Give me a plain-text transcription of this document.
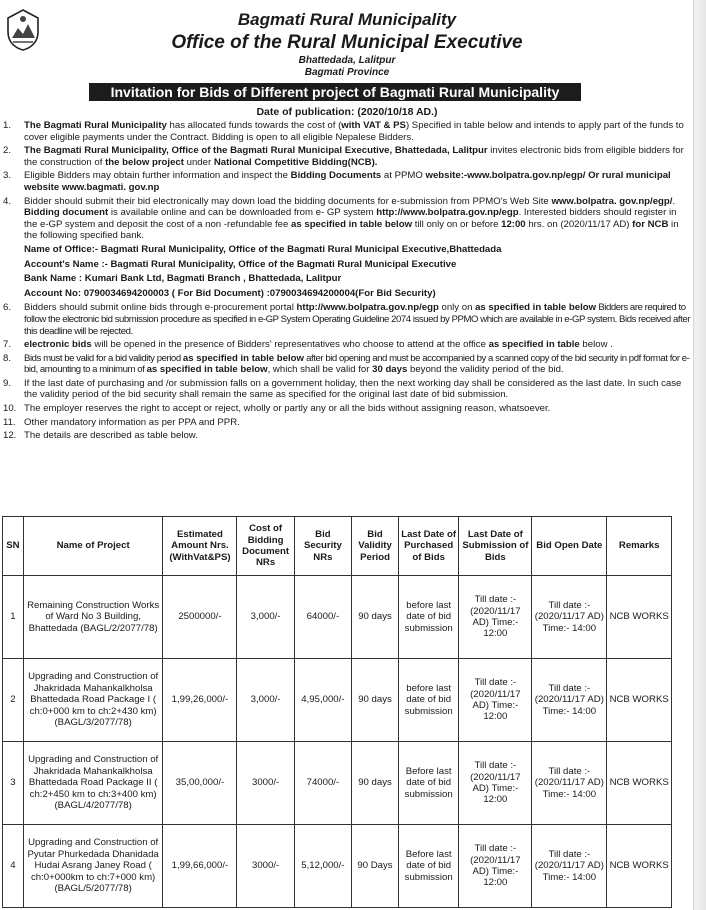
Bagmati Rural Municipality
Office of the Rural Municipal Executive
Bhattedada, Lalitpur
Bagmati Province
Invitation for Bids of Different project of Bagmati Rural Municipality
Date of publication: (2020/10/18 AD.)
1. The Bagmati Rural Municipality has allocated funds towards the cost of (with VAT & PS) Specified in table below and intends to apply part of the funds to cover eligible payments under the Contract. Bidding is open to all eligible Nepalese Bidders.
2. The Bagmati Rural Municipality, Office of the Bagmati Rural Municipal Executive, Bhattedada, Lalitpur invites electronic bids from eligible bidders for the construction of the below project under National Competitive Bidding(NCB).
3. Eligible Bidders may obtain further information and inspect the Bidding Documents at PPMO website:-www.bolpatra.gov.np/egp/ Or rural municipal website www.bagmati. gov.np
4. Bidder should submit their bid electronically may down load the bidding documents for e-submission from PPMO's Web Site www.bolpatra. gov.np/egp/. Bidding document is available online and can be downloaded from e- GP system http://www.bolpatra.gov.np/egp. Interested bidders should register in the e-GP system and deposit the cost of a non -refundable fee as specified in table below till only on or before 12:00 hrs. on (2020/11/17 AD) for NCB in the following specified bank.
Name of Office:- Bagmati Rural Municipality, Office of the Bagmati Rural Municipal Executive,Bhattedada
Account's Name :- Bagmati Rural Municipality, Office of the Bagmati Rural Municipal Executive
Bank Name : Kumari Bank Ltd, Bagmati Branch , Bhattedada, Lalitpur
Account No: 0790034694200003 ( For Bid Document) :0790034694200004(For Bid Security)
6. Bidders should submit online bids through e-procurement portal http://www.bolpatra.gov.np/egp only on as specified in table below Bidders are required to follow the electronic bid submission procedure as specified in e-GP System Operating Guideline 2074 issued by PPMO which are available in e-GP system. Bids received after this deadline will be rejected.
7. electronic bids will be opened in the presence of Bidders' representatives who choose to attend at the office as specified in table below .
8. Bids must be valid for a bid validity period as specified in table below after bid opening and must be accompanied by a scanned copy of the bid security in pdf format for e-bid, amounting to a minimum of as specified in table below, which shall be valid for 30 days beyond the validity period of the bid.
9. If the last date of purchasing and /or submission falls on a government holiday, then the next working day shall be considered as the last date. In such case the validity period of the bid security shall remain the same as specified for the original last date of bid submission.
10. The employer reserves the right to accept or reject, wholly or partly any or all the bids without assigning reason, whatsoever.
11. Other mandatory information as per PPA and PPR.
12. The details are described as table below.
SN	Name of Project	Estimated Amount Nrs. (WithVat&PS)	Cost of Bidding Document NRs	Bid Security NRs	Bid Validity Period	Last Date of Purchased of Bids	Last Date of Submission of Bids	Bid Open Date	Remarks
1	Remaining Construction Works of Ward No 3 Building, Bhattedada (BAGL/2/2077/78)	2500000/-	3,000/-	64000/-	90 days	before last date of bid submission	Till date :- (2020/11/17 AD) Time:- 12:00	Till date :- (2020/11/17 AD) Time:- 14:00	NCB WORKS
2	Upgrading and Construction of Jhakridada Mahankalkholsa Bhattedada Road Package I ( ch:0+000 km to ch:2+430 km) (BAGL/3/2077/78)	1,99,26,000/-	3,000/-	4,95,000/-	90 days	before last date of bid submission	Till date :- (2020/11/17 AD) Time:- 12:00	Till date :- (2020/11/17 AD) Time:- 14:00	NCB WORKS
3	Upgrading and Construction of Jhakridada Mahankalkholsa Bhattedada Road Package II ( ch:2+450 km to ch:3+400 km) (BAGL/4/2077/78)	35,00,000/-	3000/-	74000/-	90 days	Before last date of bid submission	Till date :- (2020/11/17 AD) Time:- 12:00	Till date :- (2020/11/17 AD) Time:- 14:00	NCB WORKS
4	Upgrading and Construction of Pyutar Phurkedada Dhanidada Hudai Asrang Janey Road ( ch:0+000km to ch:7+000 km) (BAGL/5/2077/78)	1,99,66,000/-	3000/-	5,12,000/-	90 Days	Before last date of bid submission	Till date :- (2020/11/17 AD) Time:- 12:00	Till date :- (2020/11/17 AD) Time:- 14:00	NCB WORKS
